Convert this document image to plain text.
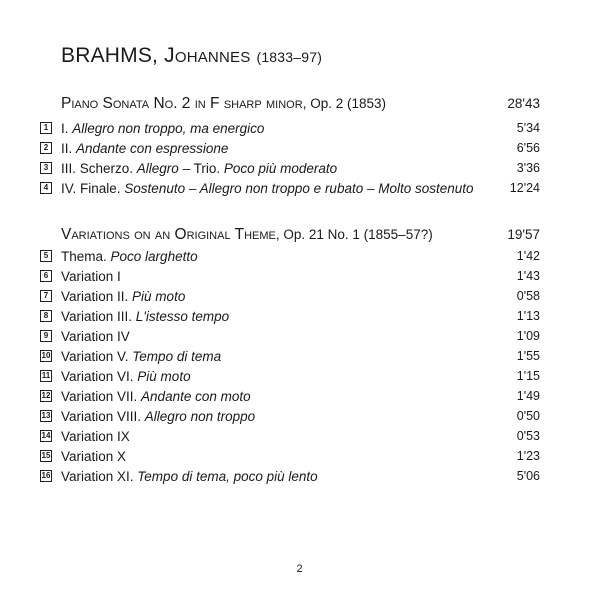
BRAHMS, Johannes (1833–97)
Piano Sonata No. 2 in F sharp minor, Op. 2 (1853)	28'43
1 I. Allegro non troppo, ma energico	5'34
2 II. Andante con espressione	6'56
3 III. Scherzo. Allegro – Trio. Poco più moderato	3'36
4 IV. Finale. Sostenuto – Allegro non troppo e rubato – Molto sostenuto	12'24
Variations on an Original Theme, Op. 21 No. 1 (1855–57?)	19'57
5 Thema. Poco larghetto	1'42
6 Variation I	1'43
7 Variation II. Più moto	0'58
8 Variation III. L'istesso tempo	1'13
9 Variation IV	1'09
10 Variation V. Tempo di tema	1'55
11 Variation VI. Più moto	1'15
12 Variation VII. Andante con moto	1'49
13 Variation VIII. Allegro non troppo	0'50
14 Variation IX	0'53
15 Variation X	1'23
16 Variation XI. Tempo di tema, poco più lento	5'06
2
